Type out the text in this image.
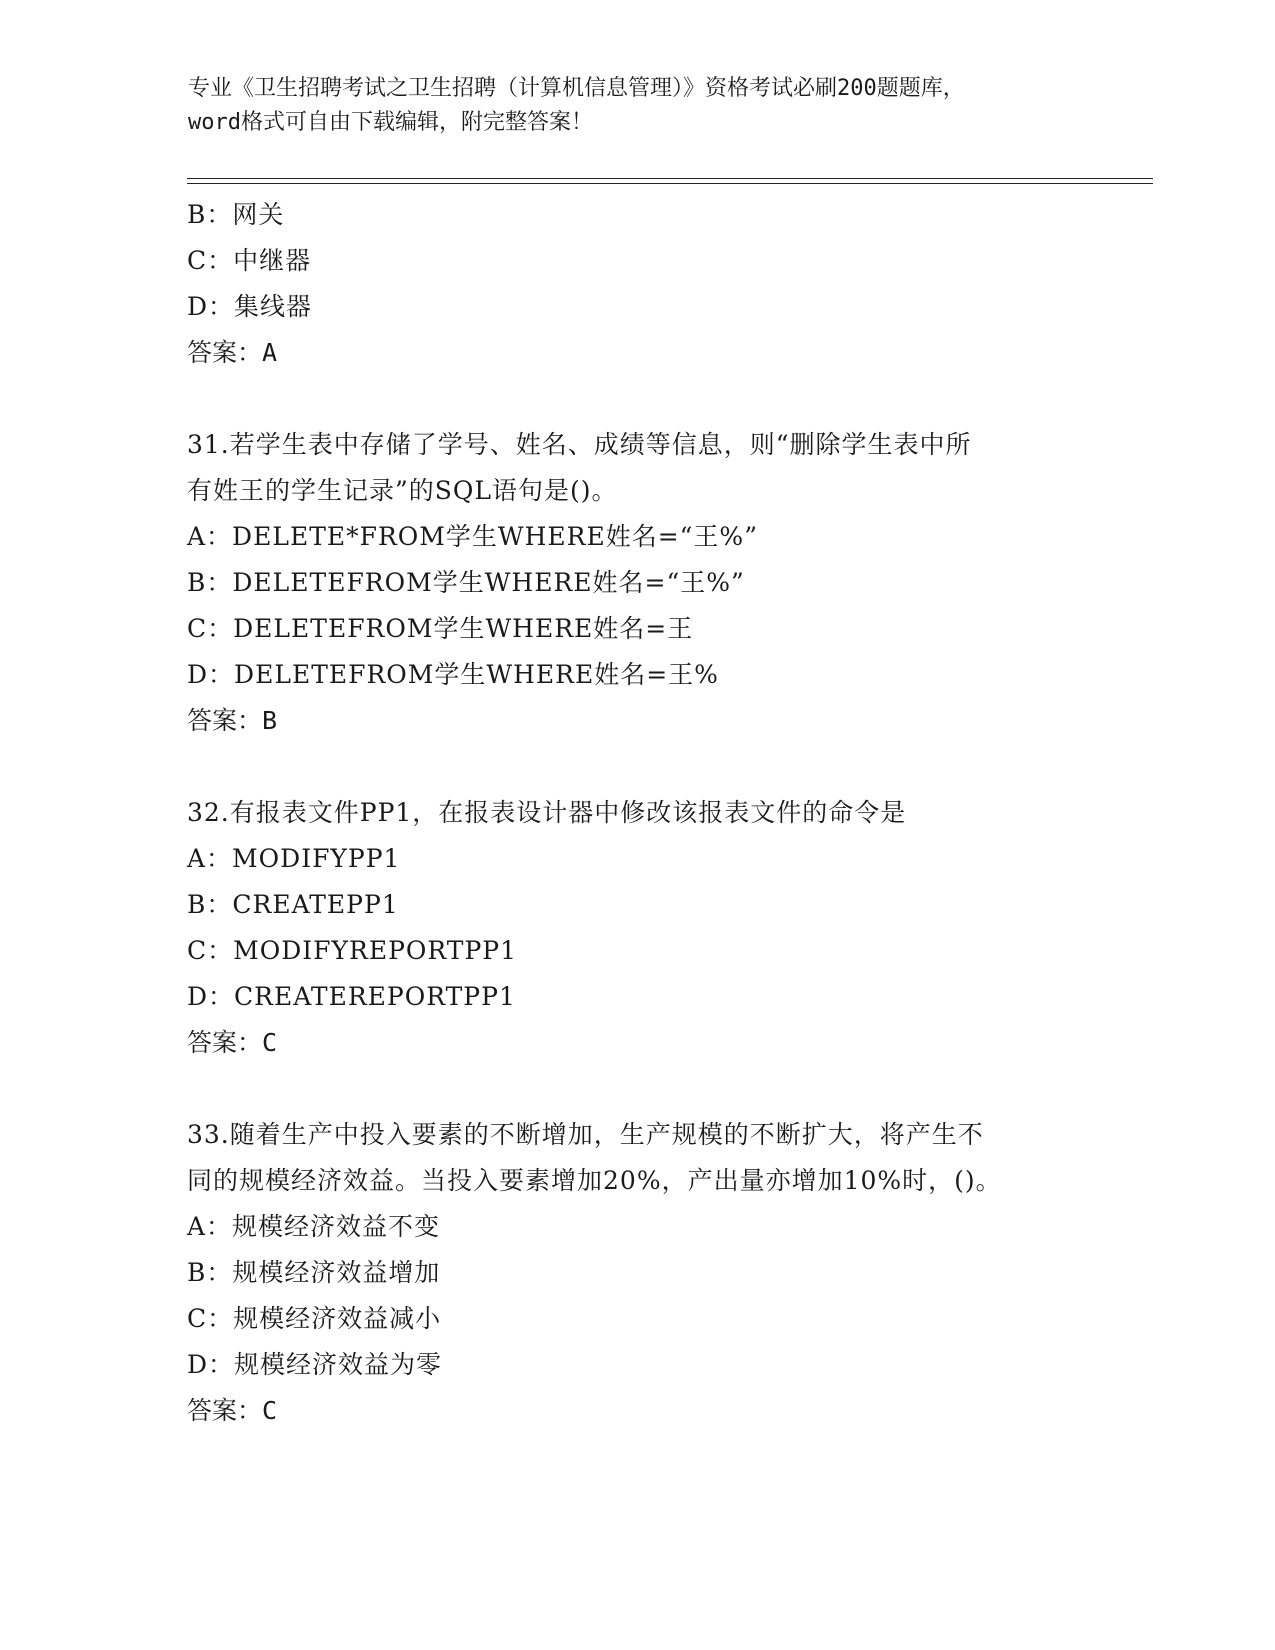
专业《卫生招聘考试之卫生招聘（计算机信息管理）》资格考试必刷200题题库，
word格式可自由下载编辑，附完整答案！
B：网关
C：中继器
D：集线器
答案：A
31.若学生表中存储了学号、姓名、成绩等信息，则“删除学生表中所
有姓王的学生记录”的SQL语句是()。
A：DELETE*FROM学生WHERE姓名=“王%”
B：DELETEFROM学生WHERE姓名=“王%”
C：DELETEFROM学生WHERE姓名=王
D：DELETEFROM学生WHERE姓名=王%
答案：B
32.有报表文件PP1，在报表设计器中修改该报表文件的命令是
A：MODIFYPP1
B：CREATEPP1
C：MODIFYREPORTPP1
D：CREATEREPORTPP1
答案：C
33.随着生产中投入要素的不断增加，生产规模的不断扩大，将产生不
同的规模经济效益。当投入要素增加20%，产出量亦增加10%时，()。
A：规模经济效益不变
B：规模经济效益增加
C：规模经济效益减小
D：规模经济效益为零
答案：C
